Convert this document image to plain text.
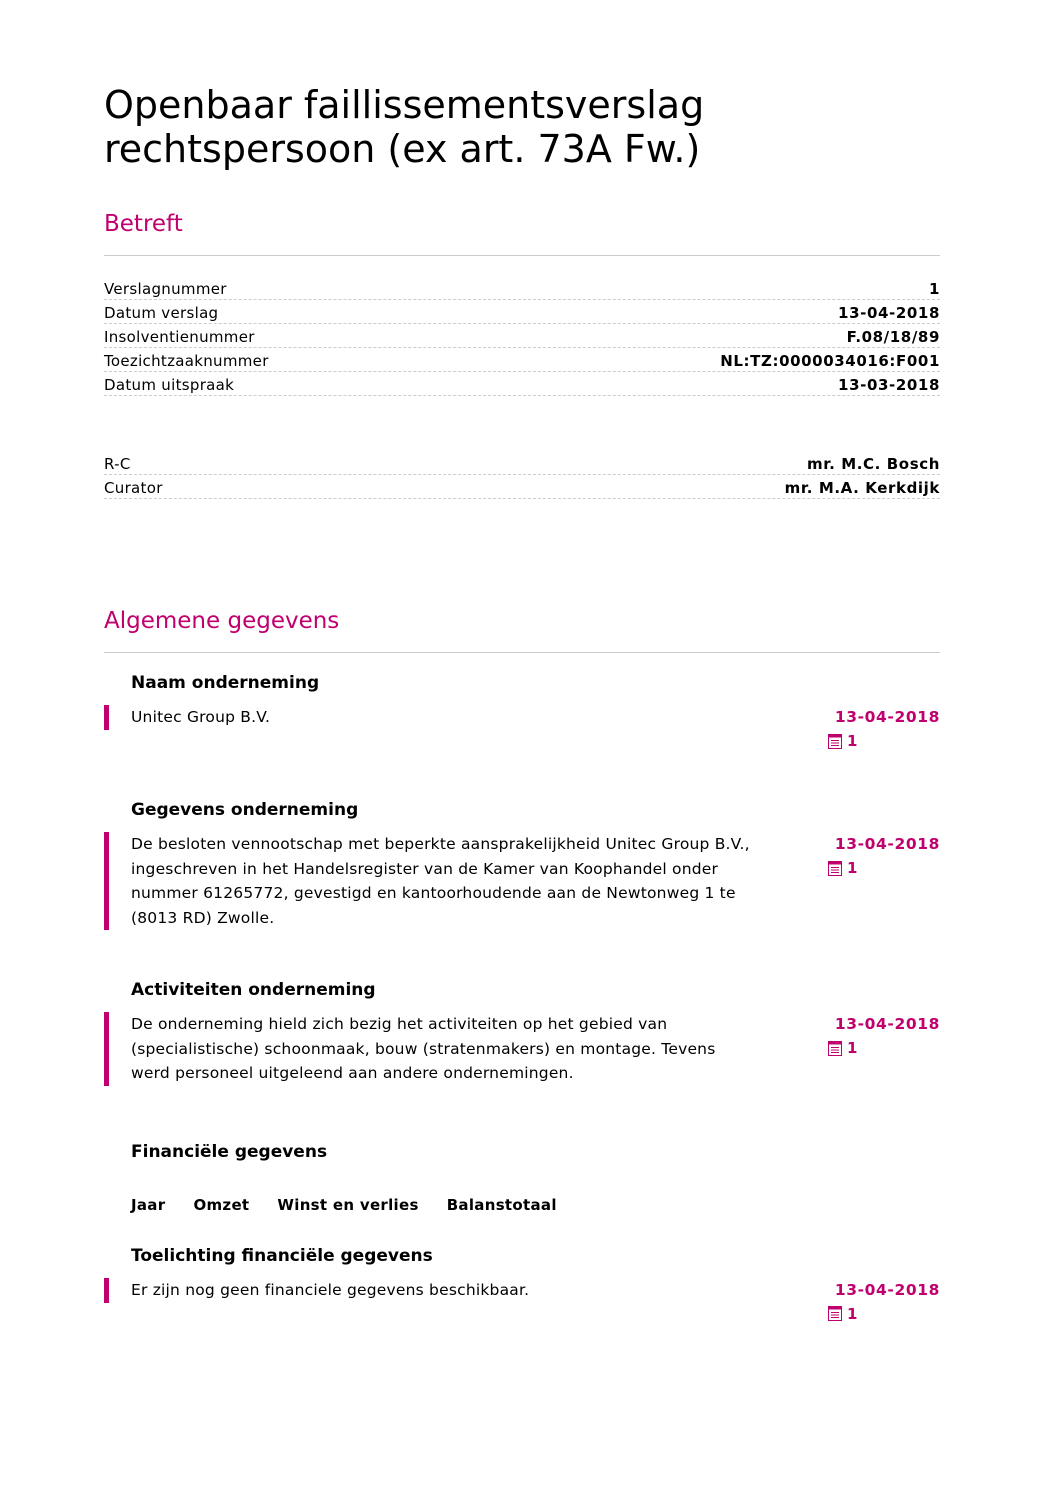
Openbaar faillissementsverslag
rechtspersoon (ex art. 73A Fw.)
Betreft
Verslagnummer	1
Datum verslag	13-04-2018
Insolventienummer	F.08/18/89
Toezichtzaaknummer	NL:TZ:0000034016:F001
Datum uitspraak	13-03-2018
R-C	mr. M.C. Bosch
Curator	mr. M.A. Kerkdijk
Algemene gegevens
Naam onderneming
Unitec Group B.V.	13-04-2018
1
Gegevens onderneming
De besloten vennootschap met beperkte aansprakelijkheid Unitec Group B.V.,
ingeschreven in het Handelsregister van de Kamer van Koophandel onder
nummer 61265772, gevestigd en kantoorhoudende aan de Newtonweg 1 te
(8013 RD) Zwolle.
13-04-2018
1
Activiteiten onderneming
De onderneming hield zich bezig het activiteiten op het gebied van
(specialistische) schoonmaak, bouw (stratenmakers) en montage. Tevens
werd personeel uitgeleend aan andere ondernemingen.
13-04-2018
1
Financiële gegevens
Jaar Omzet Winst en verlies Balanstotaal
Toelichting financiële gegevens
Er zijn nog geen financiele gegevens beschikbaar.	13-04-2018
1
